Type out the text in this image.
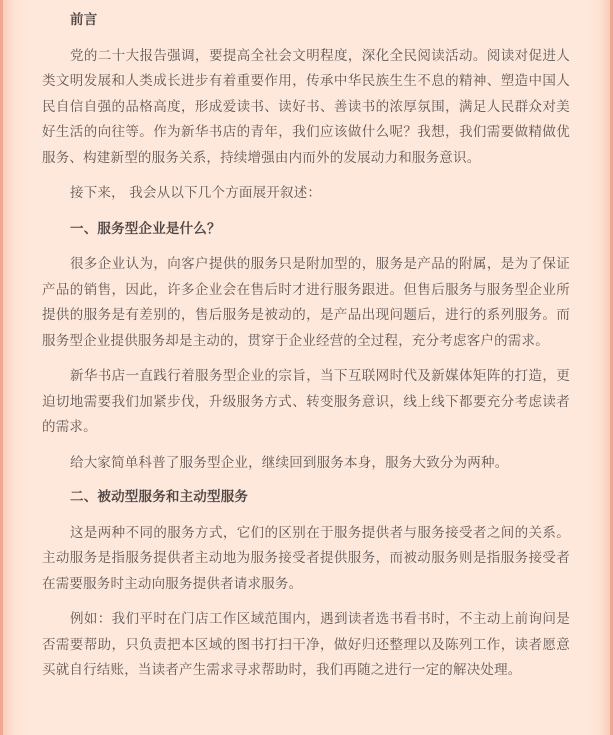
前言
党的二十大报告强调，要提高全社会文明程度，深化全民阅读活动。阅读对促进人类文明发展和人类成长进步有着重要作用，传承中华民族生生不息的精神、塑造中国人民自信自强的品格高度，形成爱读书、读好书、善读书的浓厚氛围，满足人民群众对美好生活的向往等。作为新华书店的青年，我们应该做什么呢？我想，我们需要做精做优服务、构建新型的服务关系，持续增强由内而外的发展动力和服务意识。
接下来， 我会从以下几个方面展开叙述：
一、服务型企业是什么？
很多企业认为，向客户提供的服务只是附加型的，服务是产品的附属，是为了保证产品的销售，因此，许多企业会在售后时才进行服务跟进。但售后服务与服务型企业所提供的服务是有差别的，售后服务是被动的，是产品出现问题后，进行的系列服务。而服务型企业提供服务却是主动的，贯穿于企业经营的全过程，充分考虑客户的需求。
新华书店一直践行着服务型企业的宗旨，当下互联网时代及新媒体矩阵的打造，更迫切地需要我们加紧步伐，升级服务方式、转变服务意识，线上线下都要充分考虑读者的需求。
给大家简单科普了服务型企业，继续回到服务本身，服务大致分为两种。
二、被动型服务和主动型服务
这是两种不同的服务方式，它们的区别在于服务提供者与服务接受者之间的关系。主动服务是指服务提供者主动地为服务接受者提供服务，而被动服务则是指服务接受者在需要服务时主动向服务提供者请求服务。
例如：我们平时在门店工作区域范围内，遇到读者选书看书时，不主动上前询问是否需要帮助，只负责把本区域的图书打扫干净，做好归还整理以及陈列工作，读者愿意买就自行结账，当读者产生需求寻求帮助时，我们再随之进行一定的解决处理。
